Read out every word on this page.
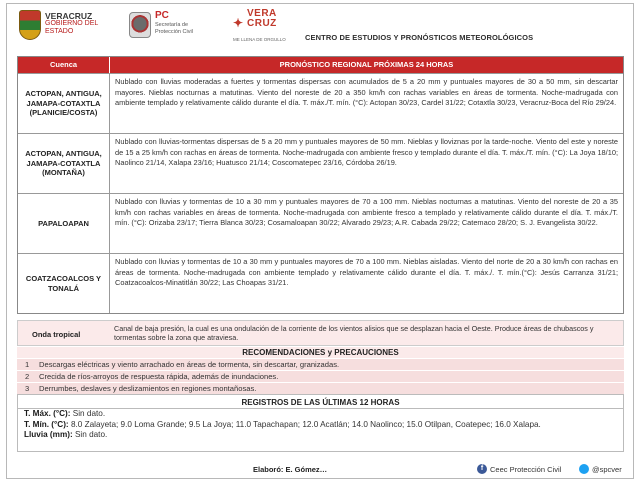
VERACRUZ
GOBIERNO DEL ESTADO
PC
Secretaría de Protección Civil
✦
VERA CRUZ
ME LLENA DE ORGULLO	CENTRO DE ESTUDIOS Y PRONÓSTICOS METEOROLÓGICOS
Cuenca	PRONÓSTICO REGIONAL PRÓXIMAS 24 HORAS
ACTOPAN, ANTIGUA, JAMAPA-COTAXTLA (PLANICIE/COSTA)
Nublado con lluvias moderadas a fuertes y tormentas dispersas con acumulados de 5 a 20 mm y puntuales mayores de 30 a 50 mm, sin descartar mayores. Nieblas nocturnas a matutinas. Viento del noreste de 20 a 350 km/h con rachas variables en áreas de tormenta. Noche-madrugada con ambiente templado y relativamente cálido durante el día. T. máx./T. mín. (°C): Actopan 30/23, Cardel 31/22; Cotaxtla 30/23, Veracruz-Boca del Río 29/24.
ACTOPAN, ANTIGUA, JAMAPA-COTAXTLA (MONTAÑA)
Nublado con lluvias-tormentas dispersas de 5 a 20 mm y puntuales mayores de 50 mm. Nieblas y lloviznas por la tarde-noche. Viento del este y noreste de 15 a 25 km/h con rachas en áreas de tormenta. Noche-madrugada con ambiente fresco y templado durante el día. T. máx./T. mín. (°C): La Joya 18/10; Naolinco 21/14, Xalapa 23/16; Huatusco 21/14; Coscomatepec 23/16, Córdoba 26/19.
PAPALOAPAN
Nublado con lluvias y tormentas de 10 a 30 mm y puntuales mayores de 70 a 100 mm. Nieblas nocturnas a matutinas. Viento del noreste de 20 a 35 km/h con rachas variables en áreas de tormenta. Noche-madrugada con ambiente fresco a templado y relativamente cálido durante el día. T. máx./T. mín. (°C): Orizaba 23/17; Tierra Blanca 30/23; Cosamaloapan 30/22; Alvarado 29/23; A.R. Cabada 29/22; Catemaco 28/20; S. J. Evangelista 30/22.
COATZACOALCOS Y TONALÁ
Nublado con lluvias y tormentas de 10 a 30 mm y puntuales mayores de 70 a 100 mm. Nieblas aisladas. Viento del norte de 20 a 30 km/h con rachas en áreas de tormenta. Noche-madrugada con ambiente templado y relativamente cálido durante el día. T. máx./. T. mín.(°C): Jesús Carranza 31/21; Coatzacoalcos-Minatitlán 30/22; Las Choapas 31/21.
Onda tropical
Canal de baja presión, la cual es una ondulación de la corriente de los vientos alisios que se desplazan hacia el Oeste. Produce áreas de chubascos y tormentas sobre la zona que atraviesa.
RECOMENDACIONES y PRECAUCIONES
1	Descargas eléctricas y viento arrachado en áreas de tormenta, sin descartar, granizadas.
2	Crecida de ríos-arroyos de respuesta rápida, además de inundaciones.
3	Derrumbes, deslaves y deslizamientos en regiones montañosas.
REGISTROS DE LAS ÚLTIMAS 12 HORAS
T. Máx. (°C): Sin dato.
T. Mín. (°C): 8.0 Zalayeta; 9.0 Loma Grande; 9.5 La Joya; 11.0 Tapachapan; 12.0 Acatlán; 14.0 Naolinco; 15.0 Otilpan, Coatepec; 16.0 Xalapa.
Lluvia (mm): Sin dato.
Elaboró: E. Gómez…	f Ceec Protección Civil	@spcver
